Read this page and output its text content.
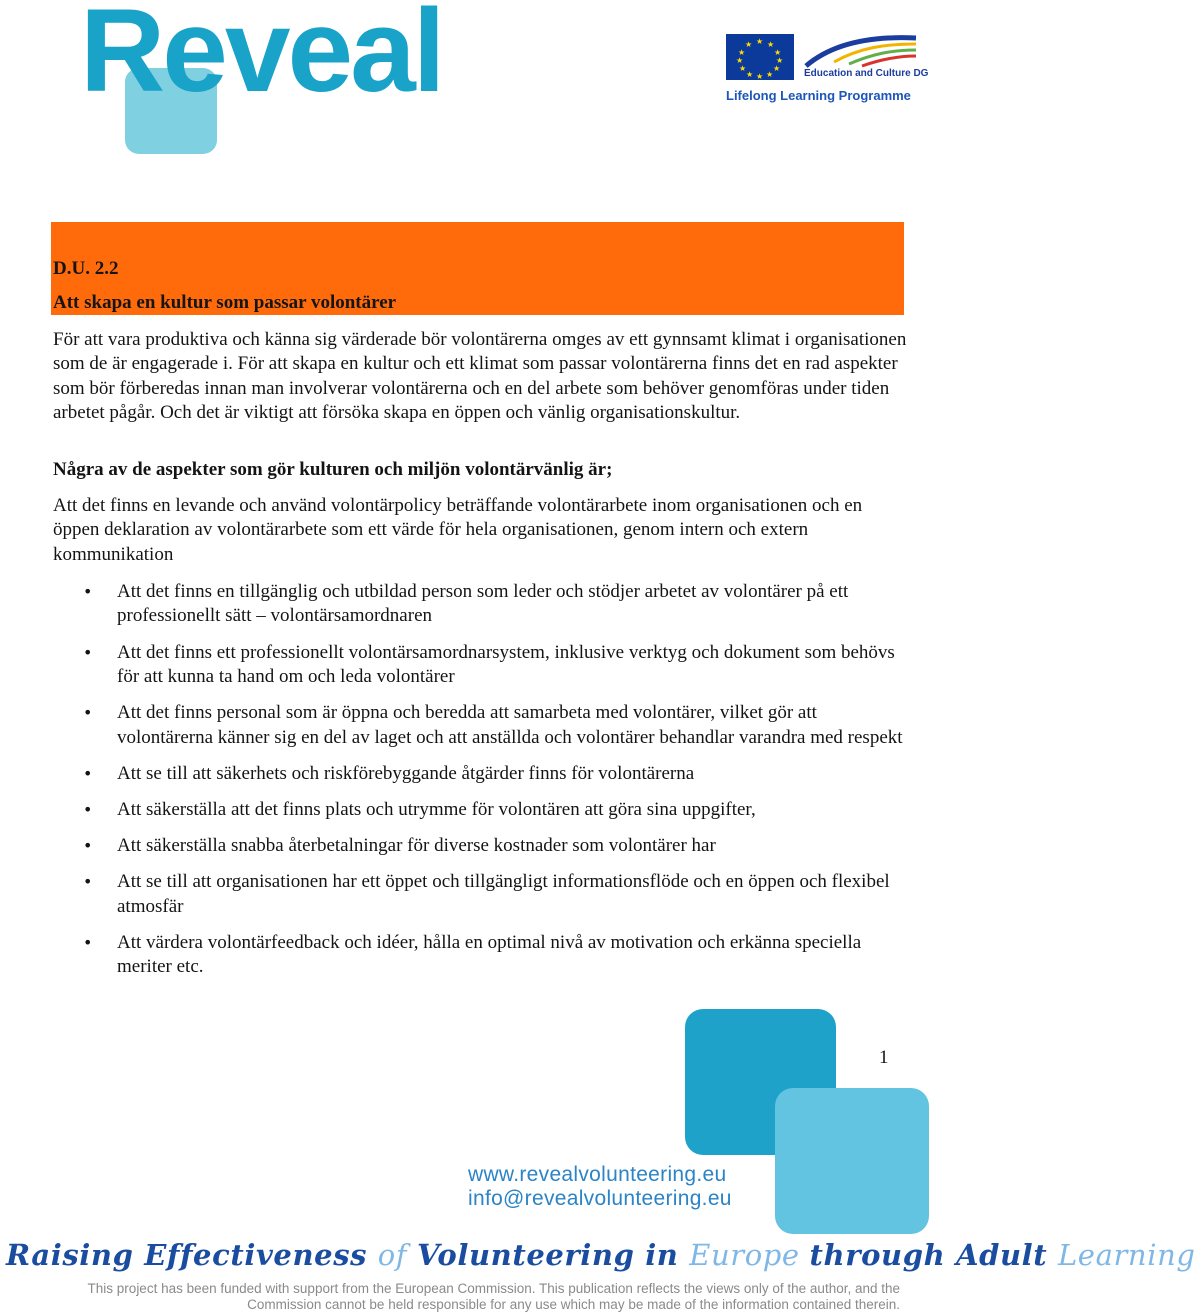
Reveal	★ ★
★
★
★
★
★
★
★
★
★
★
Education and Culture DG
Lifelong Learning Programme
D.U. 2.2
Att skapa en kultur som passar volontärer
För att vara produktiva och känna sig värderade bör volontärerna omges av ett gynnsamt klimat i organisationen som de är engagerade i. För att skapa en kultur och ett klimat som passar volontärerna finns det en rad aspekter som bör förberedas innan man involverar volontärerna och en del arbete som behöver genomföras under tiden arbetet pågår. Och det är viktigt att försöka skapa en öppen och vänlig organisationskultur.
Några av de aspekter som gör kulturen och miljön volontärvänlig är;
Att det finns en levande och använd volontärpolicy beträffande volontärarbete inom organisationen och en öppen deklaration av volontärarbete som ett värde för hela organisationen, genom intern och extern kommunikation
• Att det finns en tillgänglig och utbildad person som leder och stödjer arbetet av volontärer på ett professionellt sätt – volontärsamordnaren
• Att det finns ett professionellt volontärsamordnarsystem, inklusive verktyg och dokument som behövs för att kunna ta hand om och leda volontärer
• Att det finns personal som är öppna och beredda att samarbeta med volontärer, vilket gör att volontärerna känner sig en del av laget och att anställda och volontärer behandlar varandra med respekt
• Att se till att säkerhets och riskförebyggande åtgärder finns för volontärerna
• Att säkerställa att det finns plats och utrymme för volontären att göra sina uppgifter,
• Att säkerställa snabba återbetalningar för diverse kostnader som volontärer har
• Att se till att organisationen har ett öppet och tillgängligt informationsflöde och en öppen och flexibel atmosfär
• Att värdera volontärfeedback och idéer, hålla en optimal nivå av motivation och erkänna speciella meriter etc.
1
www.revealvolunteering.eu
info@revealvolunteering.eu
Raising Effectiveness of Volunteering in Europe through Adult Learning
This project has been funded with support from the European Commission. This publication reflects the views only of the author, and the
Commission cannot be held responsible for any use which may be made of the information contained therein.
